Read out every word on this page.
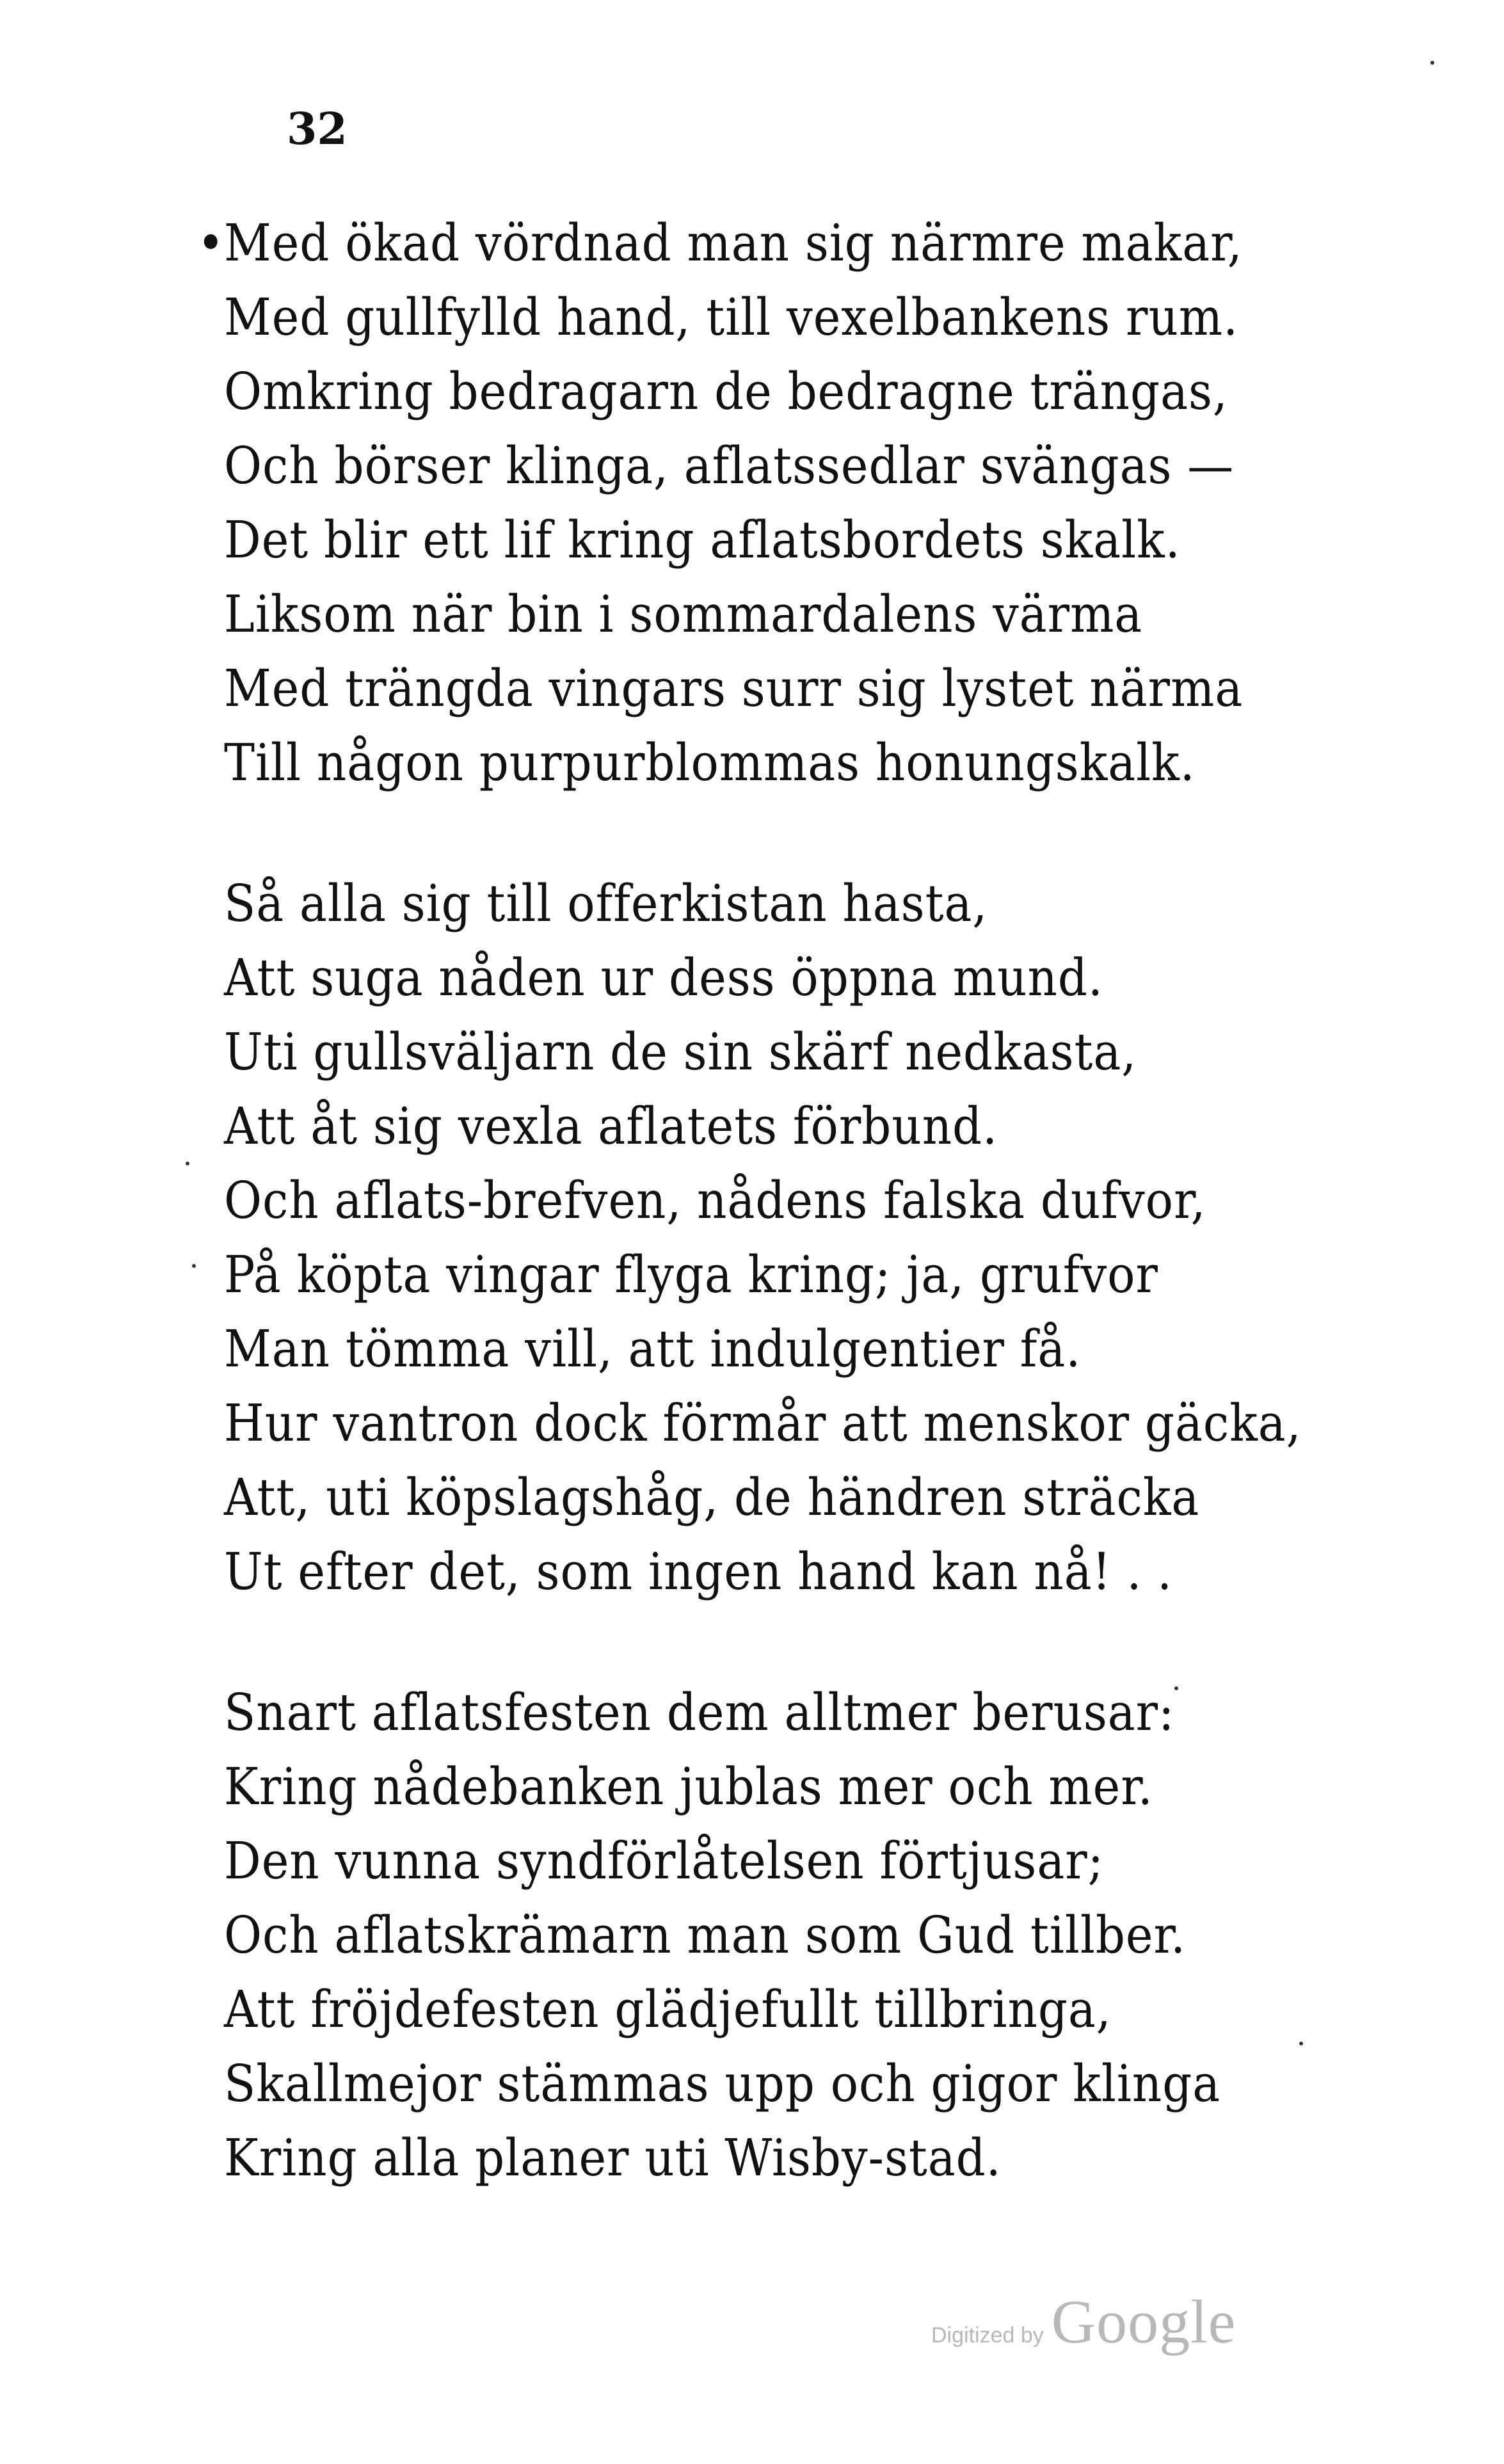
32
•
Med ökad vördnad man sig närmre makar,
Med gullfylld hand, till vexelbankens rum.
Omkring bedragarn de bedragne trängas,
Och börser klinga, aflatssedlar svängas —
Det blir ett lif kring aflatsbordets skalk.
Liksom när bin i sommardalens värma
Med trängda vingars surr sig lystet närma
Till någon purpurblommas honungskalk.
Så alla sig till offerkistan hasta,
Att suga nåden ur dess öppna mund.
Uti gullsväljarn de sin skärf nedkasta,
Att åt sig vexla aflatets förbund.
Och aflats-brefven, nådens falska dufvor,
På köpta vingar flyga kring; ja, grufvor
Man tömma vill, att indulgentier få.
Hur vantron dock förmår att menskor gäcka,
Att, uti köpslagshåg, de händren sträcka
Ut efter det, som ingen hand kan nå! . .
Snart aflatsfesten dem alltmer berusar:
Kring nådebanken jublas mer och mer.
Den vunna syndförlåtelsen förtjusar;
Och aflatskrämarn man som Gud tillber.
Att fröjdefesten glädjefullt tillbringa,
Skallmejor stämmas upp och gigor klinga
Kring alla planer uti Wisby-stad.
Digitized by Google
